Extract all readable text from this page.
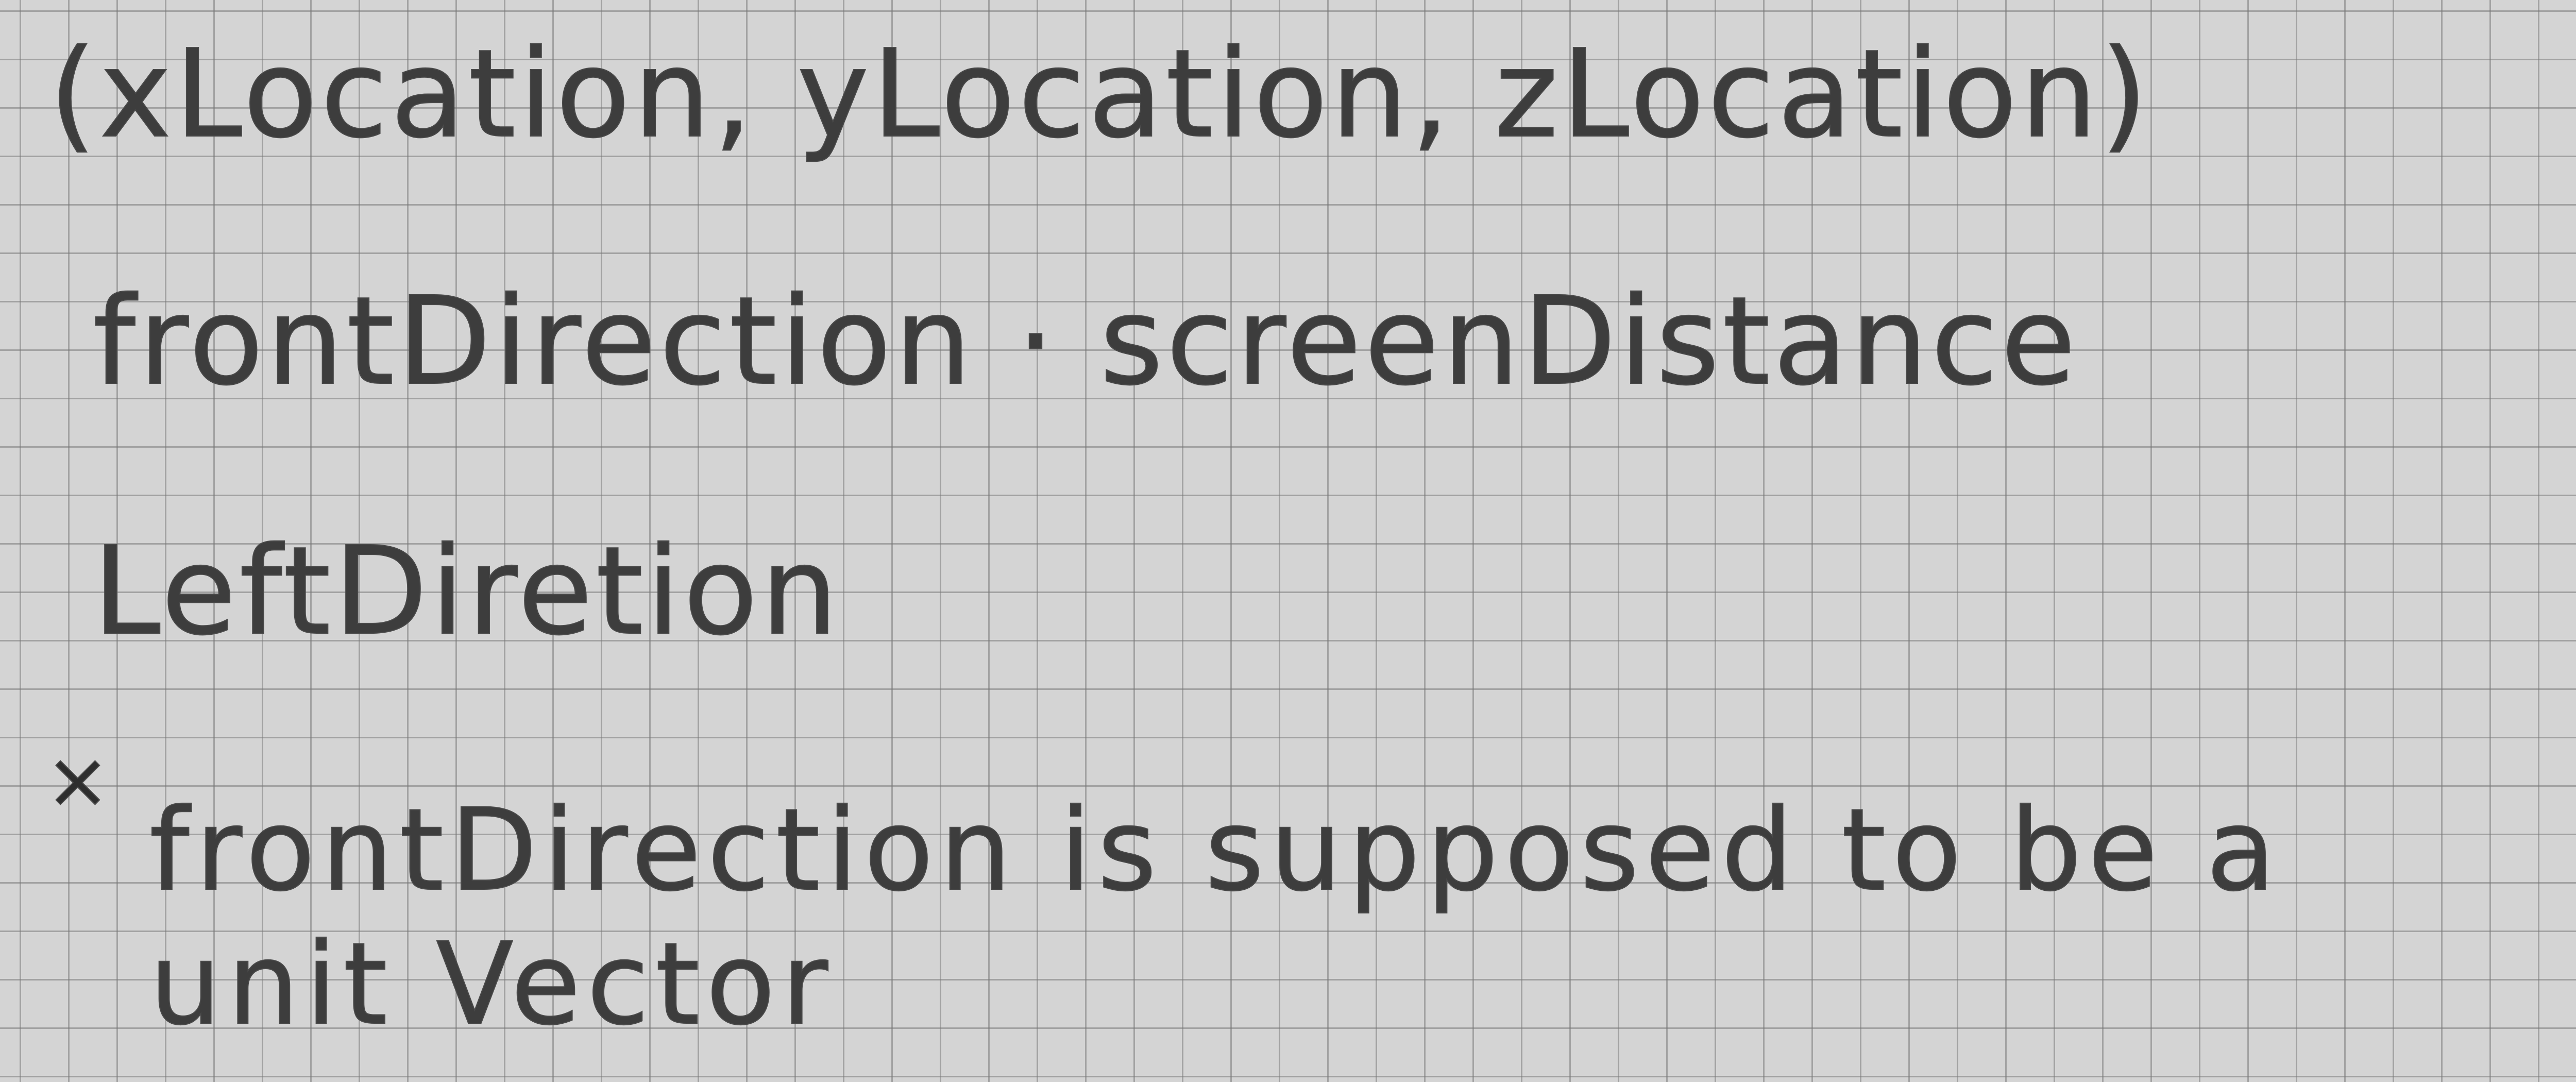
(xLocation, yLocation, zLocation)
frontDirection · screenDistance
LeftDiretion
×
frontDirection is supposed to be a
unit Vector
